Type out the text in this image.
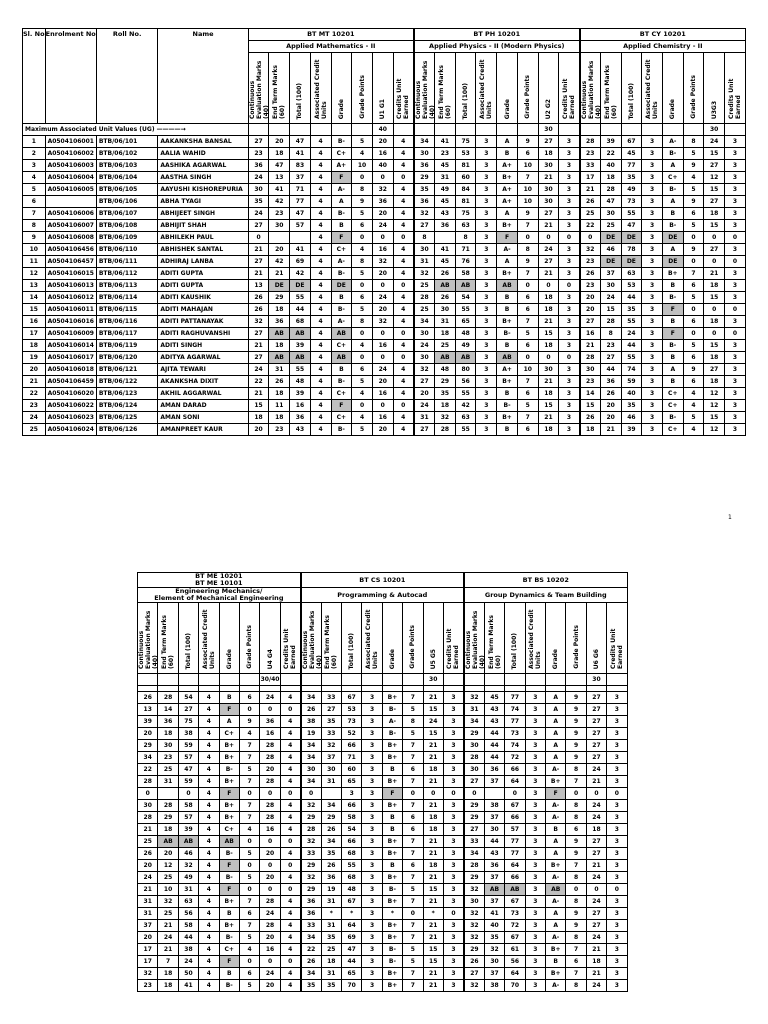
Sl. No	Enrolment No	Roll No.	Name	BT MT 10201								BT PH 10201								BT CY 10201							
				Applied Mathematics - II								Applied Physics - II (Modern Physics)								Applied Chemistry - II							
				Continuous Evaluation Marks (40)	End Term Marks (60)	Total (100)	Associated Credit Units	Grade	Grade Points	U1 G1	Credits Unit Earned	Continuous Evaluation Marks (40)	End Term Marks (60)	Total (100)	Associated Credit Units	Grade	Grade Points	U2 G2	Credits Unit Earned	Continuous Evaluation Marks (40)	End Term Marks (60)	Total (100)	Associated Credit Units	Grade	Grade Points	U3G3	Credits Unit Earned
Maximum Associated Unit Values (UG) ————→										40								30								30	
1	A0504106001	BTB/06/101	AAKANKSHA BANSAL	27	20	47	4	B-	5	20	4	34	41	75	3	A	9	27	3	28	39	67	3	A-	8	24	3
2	A0504106002	BTB/06/102	AALIA WAHID	23	18	41	4	C+	4	16	4	30	23	53	3	B	6	18	3	23	22	45	3	B-	5	15	3
3	A0504106003	BTB/06/103	AASHIKA AGARWAL	36	47	83	4	A+	10	40	4	36	45	81	3	A+	10	30	3	33	40	77	3	A	9	27	3
4	A0504106004	BTB/06/104	AASTHA SINGH	24	13	37	4	F	0	0	0	29	31	60	3	B+	7	21	3	17	18	35	3	C+	4	12	3
5	A0504106005	BTB/06/105	AAYUSHI KISHOREPURIA	30	41	71	4	A-	8	32	4	35	49	84	3	A+	10	30	3	21	28	49	3	B-	5	15	3
6		BTB/06/106	ABHA TYAGI	35	42	77	4	A	9	36	4	36	45	81	3	A+	10	30	3	26	47	73	3	A	9	27	3
7	A0504106006	BTB/06/107	ABHIJEET SINGH	24	23	47	4	B-	5	20	4	32	43	75	3	A	9	27	3	25	30	55	3	B	6	18	3
8	A0504106007	BTB/06/108	ABHIJIT SHAH	27	30	57	4	B	6	24	4	27	36	63	3	B+	7	21	3	22	25	47	3	B-	5	15	3
9	A0504106008	BTB/06/109	ABHILEKH PAUL	0			4	F	0	0	0	8		8	3	F	0	0	0	0	DE	DE	3	DE	0	0	0
10	A0504106456	BTB/06/110	ABHISHEK SANTAL	21	20	41	4	C+	4	16	4	30	41	71	3	A-	8	24	3	32	46	78	3	A	9	27	3
11	A0504106457	BTB/06/111	ADHIRAJ LANBA	27	42	69	4	A-	8	32	4	31	45	76	3	A	9	27	3	23	DE	DE	3	DE	0	0	0
12	A0504106015	BTB/06/112	ADITI GUPTA	21	21	42	4	B-	5	20	4	32	26	58	3	B+	7	21	3	26	37	63	3	B+	7	21	3
13	A0504106013	BTB/06/113	ADITI GUPTA	13	DE	DE	4	DE	0	0	0	25	AB	AB	3	AB	0	0	0	23	30	53	3	B	6	18	3
14	A0504106012	BTB/06/114	ADITI KAUSHIK	26	29	55	4	B	6	24	4	28	26	54	3	B	6	18	3	20	24	44	3	B-	5	15	3
15	A0504106011	BTB/06/115	ADITI MAHAJAN	26	18	44	4	B-	5	20	4	25	30	55	3	B	6	18	3	20	15	35	3	F	0	0	0
16	A0504106016	BTB/06/116	ADITI PATTANAYAK	32	36	68	4	A-	8	32	4	34	31	65	3	B+	7	21	3	27	28	55	3	B	6	18	3
17	A0504106009	BTB/06/117	ADITI RAGHUVANSHI	27	AB	AB	4	AB	0	0	0	30	18	48	3	B-	5	15	3	16	8	24	3	F	0	0	0
18	A0504106014	BTB/06/119	ADITI SINGH	21	18	39	4	C+	4	16	4	24	25	49	3	B	6	18	3	21	23	44	3	B-	5	15	3
19	A0504106017	BTB/06/120	ADITYA AGARWAL	27	AB	AB	4	AB	0	0	0	30	AB	AB	3	AB	0	0	0	28	27	55	3	B	6	18	3
20	A0504106018	BTB/06/121	AJITA TEWARI	24	31	55	4	B	6	24	4	32	48	80	3	A+	10	30	3	30	44	74	3	A	9	27	3
21	A0504106459	BTB/06/122	AKANKSHA DIXIT	22	26	48	4	B-	5	20	4	27	29	56	3	B+	7	21	3	23	36	59	3	B	6	18	3
22	A0504106020	BTB/06/123	AKHIL AGGARWAL	21	18	39	4	C+	4	16	4	20	35	55	3	B	6	18	3	14	26	40	3	C+	4	12	3
23	A0504106022	BTB/06/124	AMAN DARAD	15	11	16	4	F	0	0	0	24	18	42	3	B-	5	15	3	15	20	35	3	C+	4	12	3
24	A0504106023	BTB/06/125	AMAN SONI	18	18	36	4	C+	4	16	4	31	32	63	3	B+	7	21	3	26	20	46	3	B-	5	15	3
25	A0504106024	BTB/06/126	AMANPREET KAUR	20	23	43	4	B-	5	20	4	27	28	55	3	B	6	18	3	18	21	39	3	C+	4	12	3
1
BT ME 10201
BT ME 10101								BT CS 10201								BT BS 10202							
Engineering Mechanics/
Element of Mechanical Engineering								Programming & Autocad								Group Dynamics & Team Building							
Continuous Evaluation Marks (40)	End Term Marks (60)	Total (100)	Associated Credit Units	Grade	Grade Points	U4 G4	Credits Unit Earned	Continuous Evaluation Marks (40)	End Term Marks (60)	Total (100)	Associated Credit Units	Grade	Grade Points	U5 G5	Credits Unit Earned	Continuous Evaluation Marks (40)	End Term Marks (60)	Total (100)	Associated Credit Units	Grade	Grade Points	U6 G6	Credits Unit Earned
						30/40								30								30	

26	28	54	4	B	6	24	4	34	33	67	3	B+	7	21	3	32	45	77	3	A	9	27	3
13	14	27	4	F	0	0	0	26	27	53	3	B-	5	15	3	31	43	74	3	A	9	27	3
39	36	75	4	A	9	36	4	38	35	73	3	A-	8	24	3	34	43	77	3	A	9	27	3
20	18	38	4	C+	4	16	4	19	33	52	3	B-	5	15	3	29	44	73	3	A	9	27	3
29	30	59	4	B+	7	28	4	34	32	66	3	B+	7	21	3	30	44	74	3	A	9	27	3
34	23	57	4	B+	7	28	4	34	37	71	3	B+	7	21	3	28	44	72	3	A	9	27	3
22	25	47	4	B-	5	20	4	30	30	60	3	B	6	18	3	30	36	66	3	A-	8	24	3
28	31	59	4	B+	7	28	4	34	31	65	3	B+	7	21	3	27	37	64	3	B+	7	21	3
0		0	4	F	0	0	0	0		3	3	F	0	0	0	0		0	3	F	0	0	0
30	28	58	4	B+	7	28	4	32	34	66	3	B+	7	21	3	29	38	67	3	A-	8	24	3
28	29	57	4	B+	7	28	4	29	29	58	3	B	6	18	3	29	37	66	3	A-	8	24	3
21	18	39	4	C+	4	16	4	28	26	54	3	B	6	18	3	27	30	57	3	B	6	18	3
25	AB	AB	4	AB	0	0	0	32	34	66	3	B+	7	21	3	33	44	77	3	A	9	27	3
26	20	46	4	B-	5	20	4	33	35	68	3	B+	7	21	3	34	43	77	3	A	9	27	3
20	12	32	4	F	0	0	0	29	26	55	3	B	6	18	3	28	36	64	3	B+	7	21	3
24	25	49	4	B-	5	20	4	32	36	68	3	B+	7	21	3	29	37	66	3	A-	8	24	3
21	10	31	4	F	0	0	0	29	19	48	3	B-	5	15	3	32	AB	AB	3	AB	0	0	0
31	32	63	4	B+	7	28	4	36	31	67	3	B+	7	21	3	30	37	67	3	A-	8	24	3
31	25	56	4	B	6	24	4	36	*	*	3	*	0	*	0	32	41	73	3	A	9	27	3
37	21	58	4	B+	7	28	4	33	31	64	3	B+	7	21	3	32	40	72	3	A	9	27	3
20	24	44	4	B-	5	20	4	34	35	69	3	B+	7	21	3	32	35	67	3	A-	8	24	3
17	21	38	4	C+	4	16	4	22	25	47	3	B-	5	15	3	29	32	61	3	B+	7	21	3
17	7	24	4	F	0	0	0	26	18	44	3	B-	5	15	3	26	30	56	3	B	6	18	3
32	18	50	4	B	6	24	4	34	31	65	3	B+	7	21	3	27	37	64	3	B+	7	21	3
23	18	41	4	B-	5	20	4	35	35	70	3	B+	7	21	3	32	38	70	3	A-	8	24	3
